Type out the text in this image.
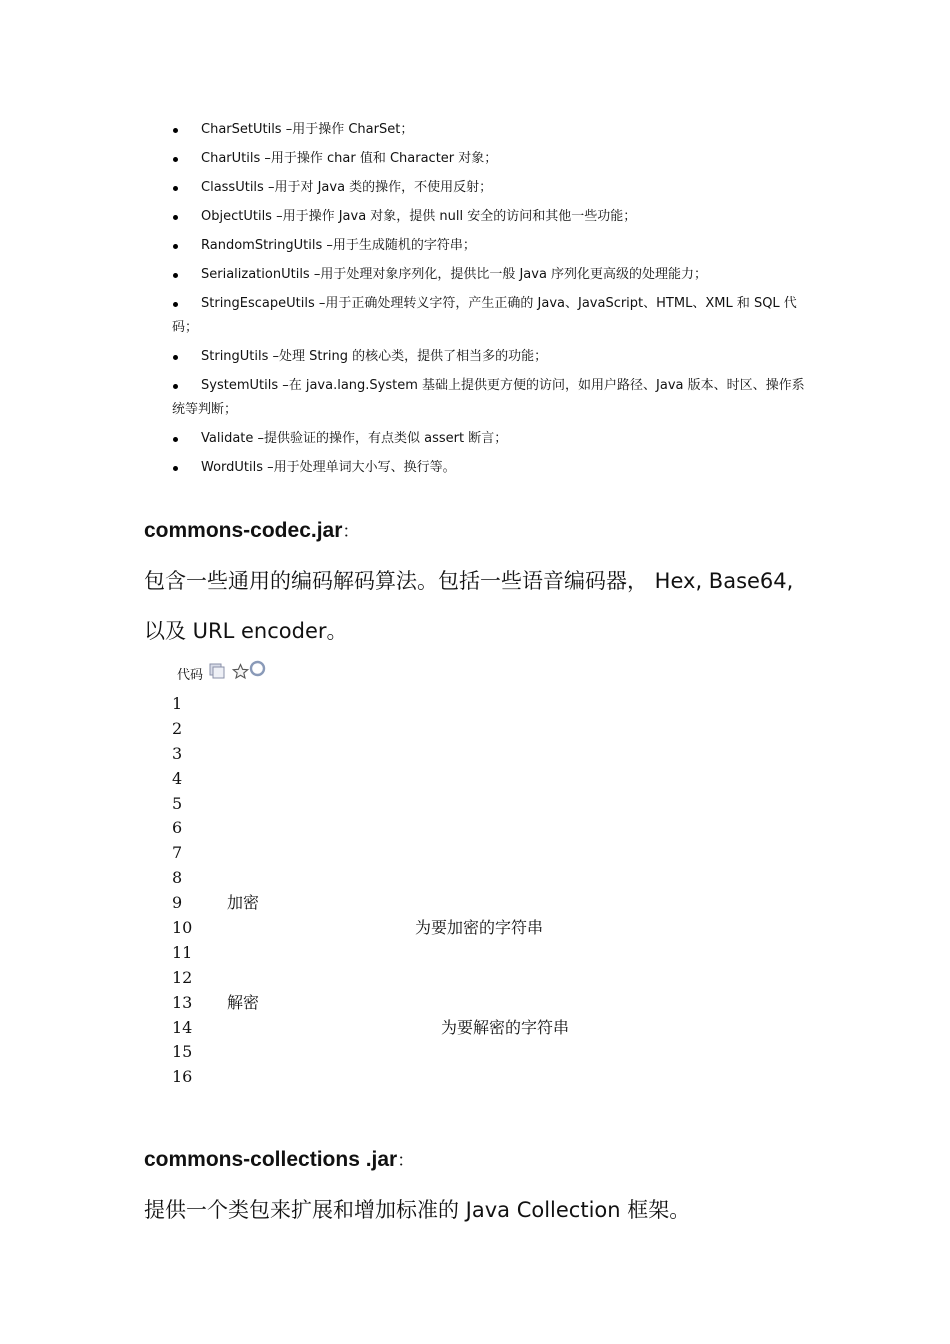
CharSetUtils –用于操作 CharSet；
CharUtils –用于操作 char 值和 Character 对象；
ClassUtils –用于对 Java 类的操作，不使用反射；
ObjectUtils –用于操作 Java 对象，提供 null 安全的访问和其他一些功能；
RandomStringUtils –用于生成随机的字符串；
SerializationUtils –用于处理对象序列化，提供比一般 Java 序列化更高级的处理能力；
StringEscapeUtils –用于正确处理转义字符，产生正确的 Java、JavaScript、HTML、XML 和 SQL 代码；
StringUtils –处理 String 的核心类，提供了相当多的功能；
SystemUtils –在 java.lang.System 基础上提供更方便的访问，如用户路径、Java 版本、时区、操作系统等判断；
Validate –提供验证的操作，有点类似 assert 断言；
WordUtils –用于处理单词大小写、换行等。
commons-codec.jar：

包含一些通用的编码解码算法。包括一些语音编码器， Hex, Base64, 以及 URL encoder。

代码
1
2
3
4
5
6
7
8
9	加密
10	为要加密的字符串
11
12
13 解密
14	为要解密的字符串
15
16
commons-collections .jar：

提供一个类包来扩展和增加标准的 Java Collection 框架。
